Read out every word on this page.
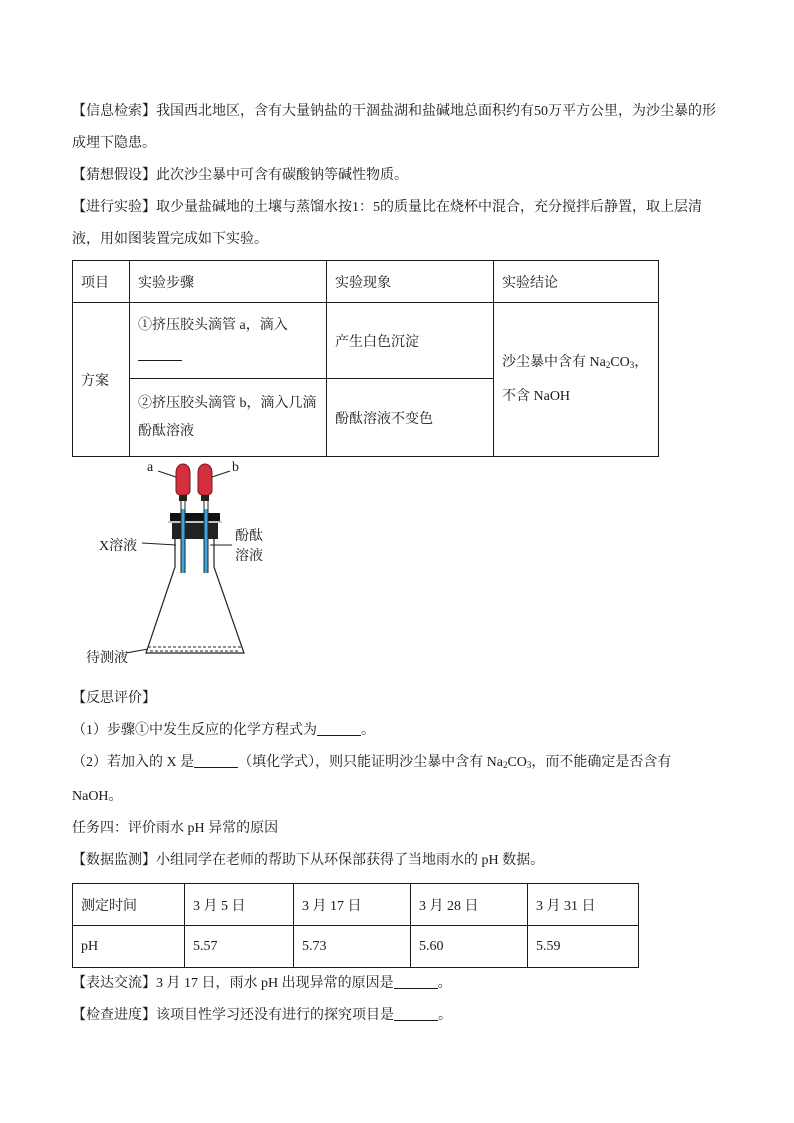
【信息检索】我国西北地区，含有大量钠盐的干涸盐湖和盐碱地总面积约有50万平方公里，为沙尘暴的形成埋下隐患。

【猜想假设】此次沙尘暴中可含有碳酸钠等碱性物质。

【进行实验】取少量盐碱地的土壤与蒸馏水按1：5的质量比在烧杯中混合，充分搅拌后静置，取上层清液，用如图装置完成如下实验。

项目	实验步骤	实验现象	实验结论
方案	①挤压胶头滴管 a，滴入	产生白色沉淀	沙尘暴中含有 $Na_2CO_3$，
不含 NaOH
	②挤压胶头滴管 b，滴入几滴酚酞溶液	酚酞溶液不变色	
a	b
X溶液
酚酞
溶液
待测液

【反思评价】

（1）步骤①中发生反应的化学方程式为	。

（2）若加入的 X 是	（填化学式），则只能证明沙尘暴中含有 $Na_2CO_3$，而不能确定是否含有
NaOH。

任务四：评价雨水 pH 异常的原因

【数据监测】小组同学在老师的帮助下从环保部获得了当地雨水的 pH 数据。

测定时间	3 月 5 日	3 月 17 日	3 月 28 日	3 月 31 日
pH	5.57	5.73	5.60	5.59

【表达交流】3 月 17 日，雨水 pH 出现异常的原因是	。

【检查进度】该项目性学习还没有进行的探究项目是	。
